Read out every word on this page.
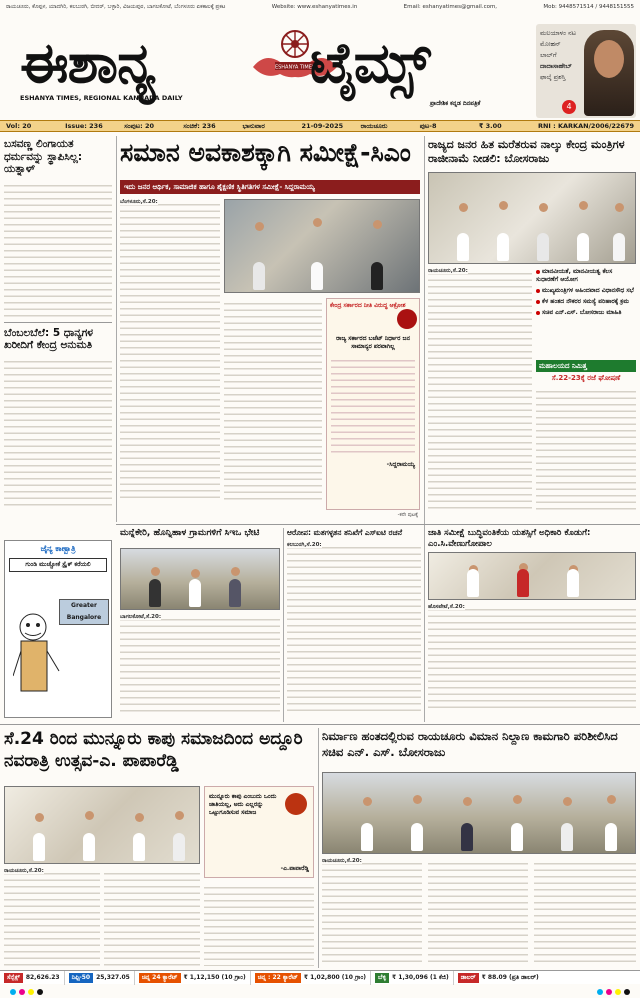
ರಾಯಚೂರು, ಕೊಪ್ಪಳ, ಯಾದಗಿರಿ, ಕಲಬುರಗಿ, ಬೀದರ್, ಬಳ್ಳಾರಿ, ವಿಜಯಪುರ, ಬಾಗಲಕೋಟೆ, ಬೆಂಗಳೂರು ಏಕಕಾಲಕ್ಕೆ ಪ್ರಕಟ	Website: www.eshanyatimes.in	Email: eshanyatimes@gmail.com,	Mob: 9448571514 / 9448151555
ಈಶಾನ್ಯ	ESHANYA TIMES
ಟೈಮ್ಸ್
ESHANYA TIMES, REGIONAL KANNADA DAILY
ಪ್ರಾದೇಶಿಕ ಕನ್ನಡ ದಿನಪತ್ರಿಕೆ
ಮಲಯಾಳಂ ನಟ
ಮೋಹನ್
ಲಾಲ್‌ಗೆ
ದಾದಾಸಾಹೇಬ್
ಫಾಲ್ಕೆ ಪ್ರಶಸ್ತಿ
4
Vol: 20	Issue: 236	ಸಂಪುಟ: 20	ಸಂಚಿಕೆ: 236	ಭಾನುವಾರ	21-09-2025	ರಾಯಚೂರು	ಪುಟ-8	₹ 3.00	RNI : KARKAN/2006/22679
ಬಸವಣ್ಣ ಲಿಂಗಾಯತ ಧರ್ಮವನ್ನು ಸ್ಥಾಪಿಸಿಲ್ಲ: ಯತ್ನಾಳ್
ಬೆಂಬಲಬೆಲೆ: 5 ಧಾನ್ಯಗಳ ಖರೀದಿಗೆ ಕೇಂದ್ರ ಅನುಮತಿ
ಜೈನ್ಯ ಕಾಣ್ಬಾತ್ರಿ
ಗುಂಡಿ ಮುಚ್ಚೋಕೆ ಸ್ಟ್ರೈಕ್ ಕರೆಯಲಿ
Greater Bangalore
ಸಮಾನ ಅವಕಾಶಕ್ಕಾಗಿ ಸಮೀಕ್ಷೆ-ಸಿಎಂ
ಇದು ಜನರ ಆರ್ಥಿಕ, ಸಾಮಾಜಿಕ ಹಾಗೂ ಶೈಕ್ಷಣಿಕ ಸ್ಥಿತಿಗತಿಗಳ ಸಮೀಕ್ಷೆ- ಸಿದ್ದರಾಮಯ್ಯ
ಬೆಂಗಳೂರು,ಸೆ.20:
ಕೇಂದ್ರ ಸರ್ಕಾರದ ನೀತಿ ವಿರುದ್ಧ ಆಕ್ರೋಶ
ರಾಜ್ಯ ಸರ್ಕಾರದ ಬಜೆಟ್‌ ನಿರ್ಧಾರ ಜನ ಸಾಮಾನ್ಯರ ಪರವಾಗಿಲ್ಲ
-ಸಿದ್ದರಾಮಯ್ಯ
-ಕನೇ ಪುಟಕ್ಕೆ
ರಾಜ್ಯದ ಜನರ ಹಿತ ಮರೆತರುವ ನಾಲ್ಕು ಕೇಂದ್ರ ಮಂತ್ರಿಗಳ ರಾಜೀನಾಮೆ ನೀಡಲಿ: ಬೋಸರಾಜು
ರಾಯಚೂರು,ಸೆ.20:	ಮಾನವೀಯತೆ, ಮಾನವೀಯತ್ವ ಕೆಲಸ ಸುಧಾರಣೆಗೆ ಆಯೋಗ
ಮುಖ್ಯಮಂತ್ರಿಗಳ ಅಹಿಂದವಾದ ವಿಧಾನಸೌಧ ಸಭೆ
ಕೆಳ ಹಂತದ ನೌಕರರ ಸಮಸ್ಯೆ ಪರಿಹಾರಕ್ಕೆ ಕ್ರಮ
ಸಚಿವ ಎನ್.ಎಸ್. ಬೋಸರಾಜು ಮಾಹಿತಿ
ಮಹಾಲಯದ ನಿಮಿತ್ತ
ಸೆ.22-23ಕ್ಕೆ ರಜೆ ಘೋಷಣೆ
ಮನ್ನೆಕೇರಿ, ಹೊನ್ನಿಹಾಳ ಗ್ರಾಮಗಳಿಗೆ ಸಿಇಒ ಭೇಟಿ
ಬಾಗಲಕೋಟೆ,ಸೆ.20:
ಆರೋಪ: ಮತಗಳ್ಳತನ ತನಿಖೆಗೆ ಎಸ್‌ಐಟಿ ರಚನೆ
ಕಲಬುರಗಿ,ಸೆ.20:
ಜಾತಿ ಸಮೀಕ್ಷೆ ಬುದ್ಧಿವಂತಿಕೆಯ ಯಶಸ್ಸಿಗೆ ಅಧಿಕಾರಿ ಕೊಡುಗೆ: ಎಂ.ಸಿ.ವೇಣುಗೋಪಾಲ
ಹೊಸಪೇಟೆ,ಸೆ.20:
ಸೆ.24 ರಿಂದ ಮುನ್ನೂರು ಕಾಪು ಸಮಾಜದಿಂದ ಅದ್ದೂರಿ ನವರಾತ್ರಿ ಉತ್ಸವ-ಎ. ಪಾಪಾರೆಡ್ಡಿ
ಮುನ್ನೂರು ಕಾಪು ಎಂಬುದು ಒಂದು ಜಾತಿಯಲ್ಲ, ಅದು ಎಲ್ಲರನ್ನು ಒಟ್ಟುಗೂಡಿಸುವ ಸಮಾಜ
-ಎ.ಪಾಪಾರೆಡ್ಡಿ
ರಾಯಚೂರು,ಸೆ.20:
ನಿರ್ಮಾಣ ಹಂತದಲ್ಲಿರುವ ರಾಯಚೂರು ವಿಮಾನ ನಿಲ್ದಾಣ ಕಾಮಗಾರಿ ಪರಿಶೀಲಿಸಿದ ಸಚಿವ ಎನ್. ಎಸ್. ಬೋಸರಾಜು
ರಾಯಚೂರು,ಸೆ.20:
ಸೆನ್ಸೆಕ್ಸ್	82,626.23	ನಿಫ್ಟಿ-50	25,327.05	ಚಿನ್ನ 24 ಕ್ಯಾರೆಟ್	₹ 1,12,150 (10 ಗ್ರಾಂ)	ಚಿನ್ನ : 22 ಕ್ಯಾರೆಟ್	₹ 1,02,800 (10 ಗ್ರಾಂ)	ಬೆಳ್ಳಿ	₹ 1,30,096 (1 ಕೆಜಿ)	ಡಾಲರ್	₹ 88.09 (ಪ್ರತಿ ಡಾಲರ್)
